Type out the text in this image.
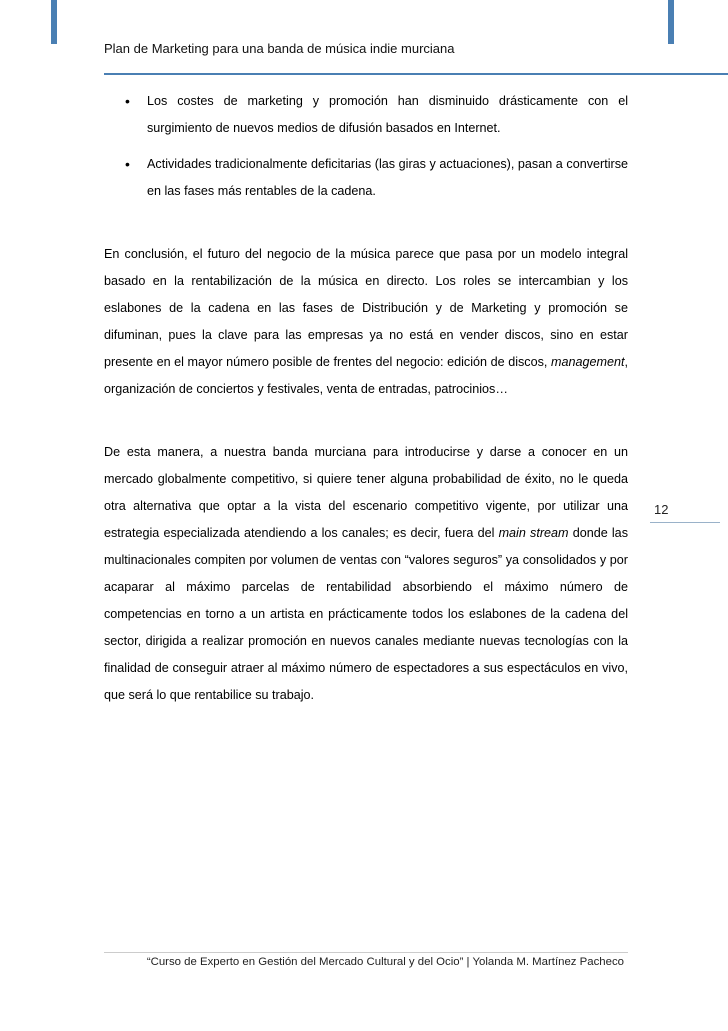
Plan de Marketing para una banda de música indie murciana
• Los costes de marketing y promoción han disminuido drásticamente con el surgimiento de nuevos medios de difusión basados en Internet.
• Actividades tradicionalmente deficitarias (las giras y actuaciones), pasan a convertirse en las fases más rentables de la cadena.

En conclusión, el futuro del negocio de la música parece que pasa por un modelo integral basado en la rentabilización de la música en directo. Los roles se intercambian y los eslabones de la cadena en las fases de Distribución y de Marketing y promoción se difuminan, pues la clave para las empresas ya no está en vender discos, sino en estar presente en el mayor número posible de frentes del negocio: edición de discos, management, organización de conciertos y festivales, venta de entradas, patrocinios…

De esta manera, a nuestra banda murciana para introducirse y darse a conocer en un mercado globalmente competitivo, si quiere tener alguna probabilidad de éxito, no le queda otra alternativa que optar a la vista del escenario competitivo vigente, por utilizar una estrategia especializada atendiendo a los canales; es decir, fuera del main stream donde las multinacionales compiten por volumen de ventas con “valores seguros” ya consolidados y por acaparar al máximo parcelas de rentabilidad absorbiendo el máximo número de competencias en torno a un artista en prácticamente todos los eslabones de la cadena del sector, dirigida a realizar promoción en nuevos canales mediante nuevas tecnologías con la finalidad de conseguir atraer al máximo número de espectadores a sus espectáculos en vivo, que será lo que rentabilice su trabajo.

12
“Curso de Experto en Gestión del Mercado Cultural y del Ocio” | Yolanda M. Martínez Pacheco
